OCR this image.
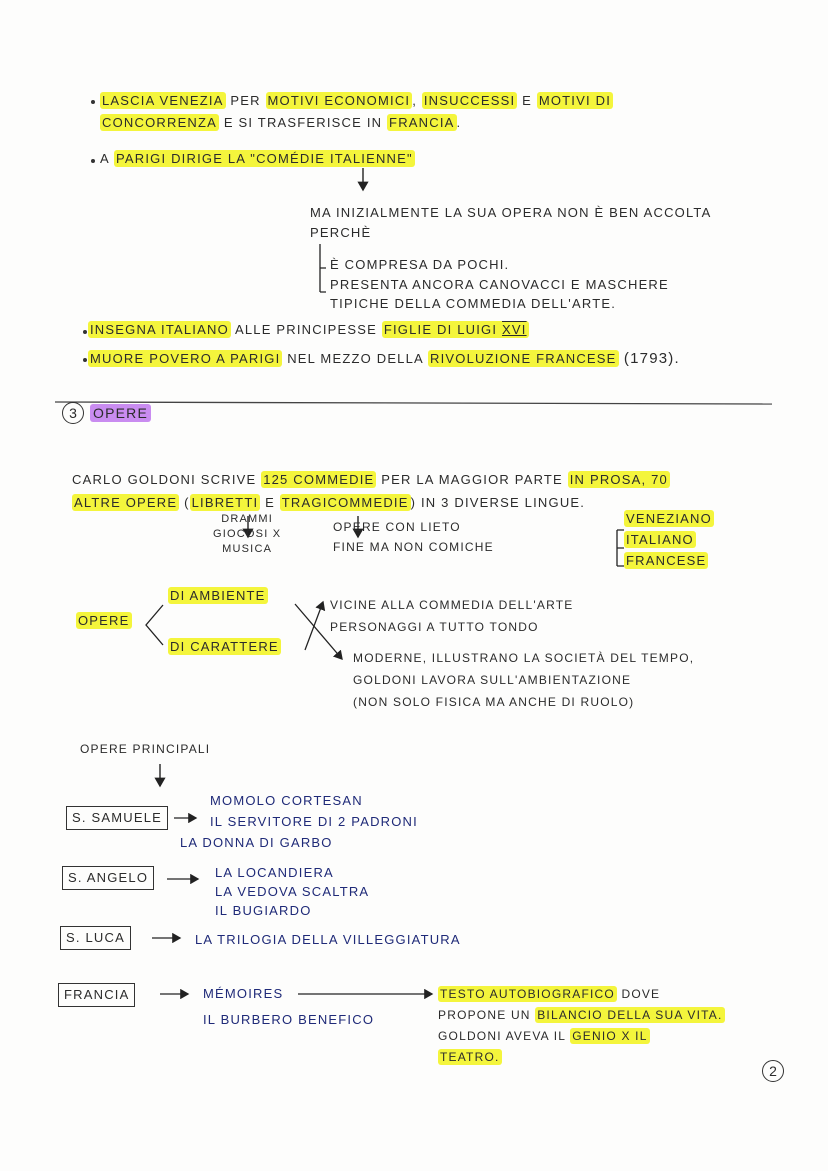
LASCIA VENEZIA PER MOTIVI ECONOMICI , INSUCCESSI E MOTIVI DI
CONCORRENZA E SI TRASFERISCE IN FRANCIA .
A PARIGI DIRIGE LA "COMÉDIE ITALIENNE"
MA INIZIALMENTE LA SUA OPERA NON È BEN ACCOLTA
PERCHÈ
È COMPRESA DA POCHI.
PRESENTA ANCORA CANOVACCI E MASCHERE
TIPICHE DELLA COMMEDIA DELL'ARTE.
INSEGNA ITALIANO ALLE PRINCIPESSE FIGLIE DI LUIGI XVI
MUORE POVERO A PARIGI NEL MEZZO DELLA RIVOLUZIONE FRANCESE (1793).
3	OPERE
CARLO GOLDONI SCRIVE 125 COMMEDIE PER LA MAGGIOR PARTE IN PROSA, 70
ALTRE OPERE ( LIBRETTI E TRAGICOMMEDIE ) IN 3 DIVERSE LINGUE.
DRAMMI
GIOCOSI X
MUSICA
OPERE CON LIETO
FINE MA NON COMICHE
VENEZIANO
ITALIANO
FRANCESE
OPERE
DI AMBIENTE
DI CARATTERE
VICINE ALLA COMMEDIA DELL'ARTE
PERSONAGGI A TUTTO TONDO
MODERNE, ILLUSTRANO LA SOCIETÀ DEL TEMPO,
GOLDONI LAVORA SULL'AMBIENTAZIONE
(NON SOLO FISICA MA ANCHE DI RUOLO)
OPERE PRINCIPALI
S. SAMUELE
MOMOLO CORTESAN
IL SERVITORE DI 2 PADRONI
LA DONNA DI GARBO
S. ANGELO	LA LOCANDIERA
LA VEDOVA SCALTRA
IL BUGIARDO
S. LUCA	LA TRILOGIA DELLA VILLEGGIATURA
FRANCIA	MÉMOIRES
IL BURBERO BENEFICO
TESTO AUTOBIOGRAFICO DOVE
PROPONE UN BILANCIO DELLA SUA VITA.
GOLDONI AVEVA IL GENIO X IL
TEATRO.
2
